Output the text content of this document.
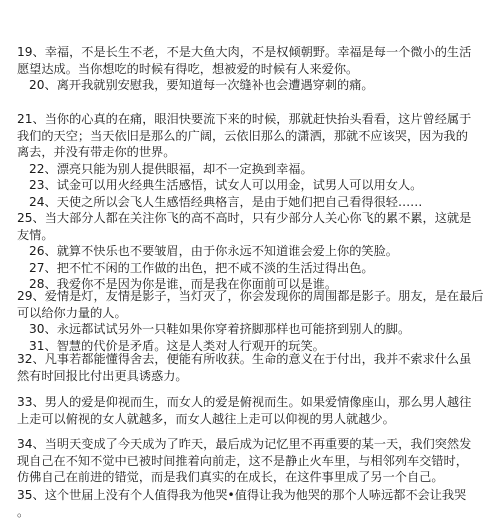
19、幸福，不是长生不老，不是大鱼大肉，不是权倾朝野。幸福是每一个微小的生活
愿望达成。当你想吃的时候有得吃，想被爱的时候有人来爱你。
20、离开我就别安慰我，要知道每一次缝补也会遭遇穿刺的痛。
21、当你的心真的在痛，眼泪快要流下来的时候，那就赶快抬头看看，这片曾经属于
我们的天空；当天依旧是那么的广阔，云依旧那么的潇洒，那就不应该哭，因为我的
离去，并没有带走你的世界。
22、漂亮只能为别人提供眼福，却不一定换到幸福。
23、试金可以用火经典生活感悟，试女人可以用金，试男人可以用女人。
24、天使之所以会飞人生感悟经典格言，是由于她们把自己看得很轻……
25、当大部分人都在关注你飞的高不高时，只有少部分人关心你飞的累不累，这就是
友情。
26、就算不快乐也不要皱眉，由于你永远不知道谁会爱上你的笑脸。
27、把不忙不闲的工作做的出色，把不咸不淡的生活过得出色。
28、我爱你不是因为你是谁，而是我在你面前可以是谁。
29、爱情是灯，友情是影子，当灯灭了，你会发现你的周围都是影子。朋友，是在最后
可以给你力量的人。
30、永远都试试另外一只鞋如果你穿着挤脚那样也可能挤到别人的脚。
31、智慧的代价是矛盾。这是人类对人行观开的玩笑。
32、凡事若都能懂得舍去，便能有所收获。生命的意义在于付出，我并不索求什么虽
然有时回报比付出更具诱惑力。
33、男人的爱是仰视而生，而女人的爱是俯视而生。如果爱情像座山，那么男人越往
上走可以俯视的女人就越多，而女人越往上走可以仰视的男人就越少。
34、当明天变成了今天成为了昨天，最后成为记忆里不再重要的某一天，我们突然发
现自己在不知不觉中已被时间推着向前走，这不是静止火车里，与相邻列车交错时，
仿佛自己在前进的错觉，而是我们真实的在成长，在这件事里成了另一个自己。
35、这个世届上没有个人值得我为他哭•值得让我为他哭的那个人哧远都不会让我哭
。
